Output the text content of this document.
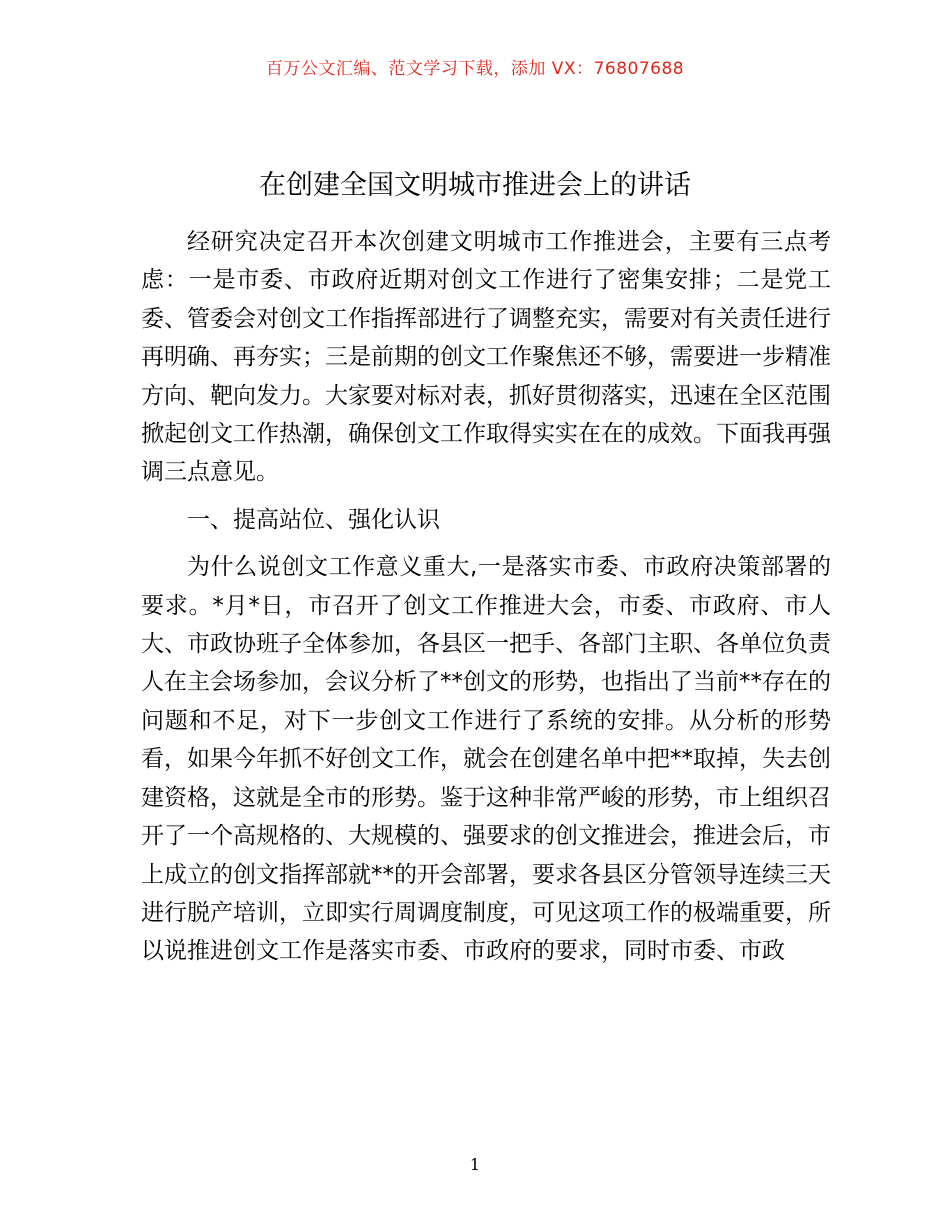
百万公文汇编、范文学习下载，添加 VX：76807688
在创建全国文明城市推进会上的讲话

经研究决定召开本次创建文明城市工作推进会，主要有三点考虑：一是市委、市政府近期对创文工作进行了密集安排；二是党工委、管委会对创文工作指挥部进行了调整充实，需要对有关责任进行再明确、再夯实；三是前期的创文工作聚焦还不够，需要进一步精准方向、靶向发力。大家要对标对表，抓好贯彻落实，迅速在全区范围掀起创文工作热潮，确保创文工作取得实实在在的成效。下面我再强调三点意见。

一、提高站位、强化认识

为什么说创文工作意义重大,一是落实市委、市政府决策部署的要求。*月*日，市召开了创文工作推进大会，市委、市政府、市人大、市政协班子全体参加，各县区一把手、各部门主职、各单位负责人在主会场参加，会议分析了**创文的形势，也指出了当前**存在的问题和不足，对下一步创文工作进行了系统的安排。从分析的形势看，如果今年抓不好创文工作，就会在创建名单中把**取掉，失去创建资格，这就是全市的形势。鉴于这种非常严峻的形势，市上组织召开了一个高规格的、大规模的、强要求的创文推进会，推进会后，市上成立的创文指挥部就**的开会部署，要求各县区分管领导连续三天进行脱产培训，立即实行周调度制度，可见这项工作的极端重要，所以说推进创文工作是落实市委、市政府的要求，同时市委、市政

1
